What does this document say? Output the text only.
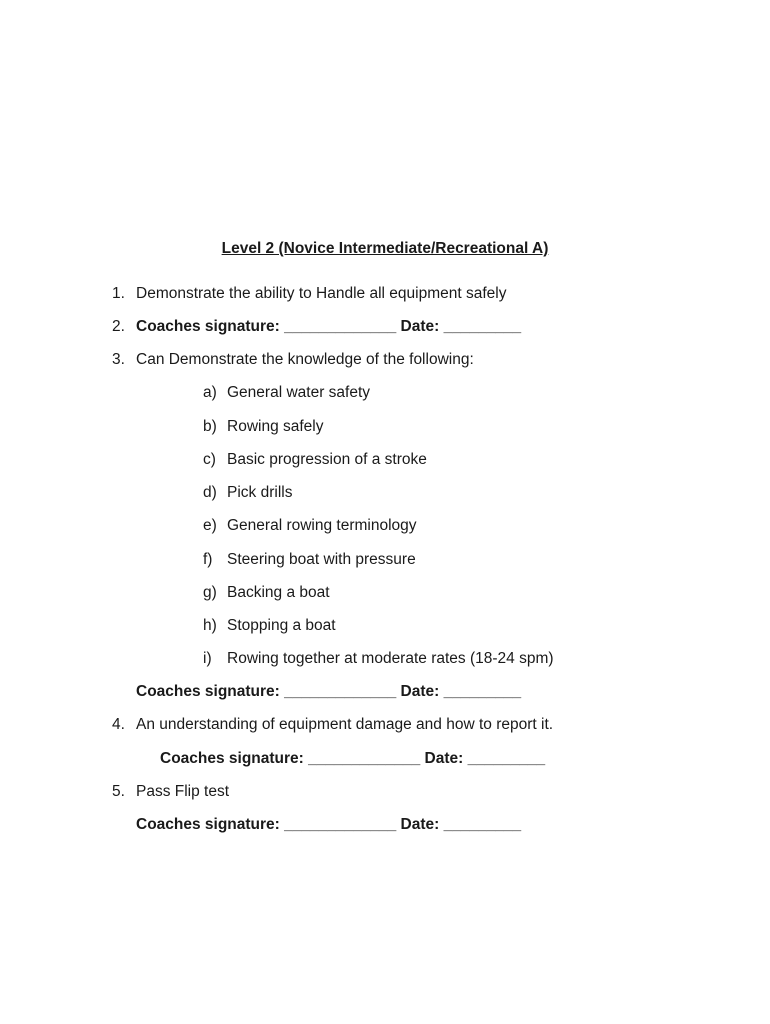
Level 2 (Novice Intermediate/Recreational A)
1. Demonstrate the ability to Handle all equipment safely
2. Coaches signature: _____________ Date: _________
3. Can Demonstrate the knowledge of the following:
a) General water safety
b) Rowing safely
c) Basic progression of a stroke
d) Pick drills
e) General rowing terminology
f) Steering boat with pressure
g) Backing a boat
h) Stopping a boat
i) Rowing together at moderate rates (18-24 spm)
Coaches signature: _____________ Date: _________
4. An understanding of equipment damage and how to report it.
Coaches signature: _____________ Date: _________
5. Pass Flip test
Coaches signature: _____________ Date: _________
